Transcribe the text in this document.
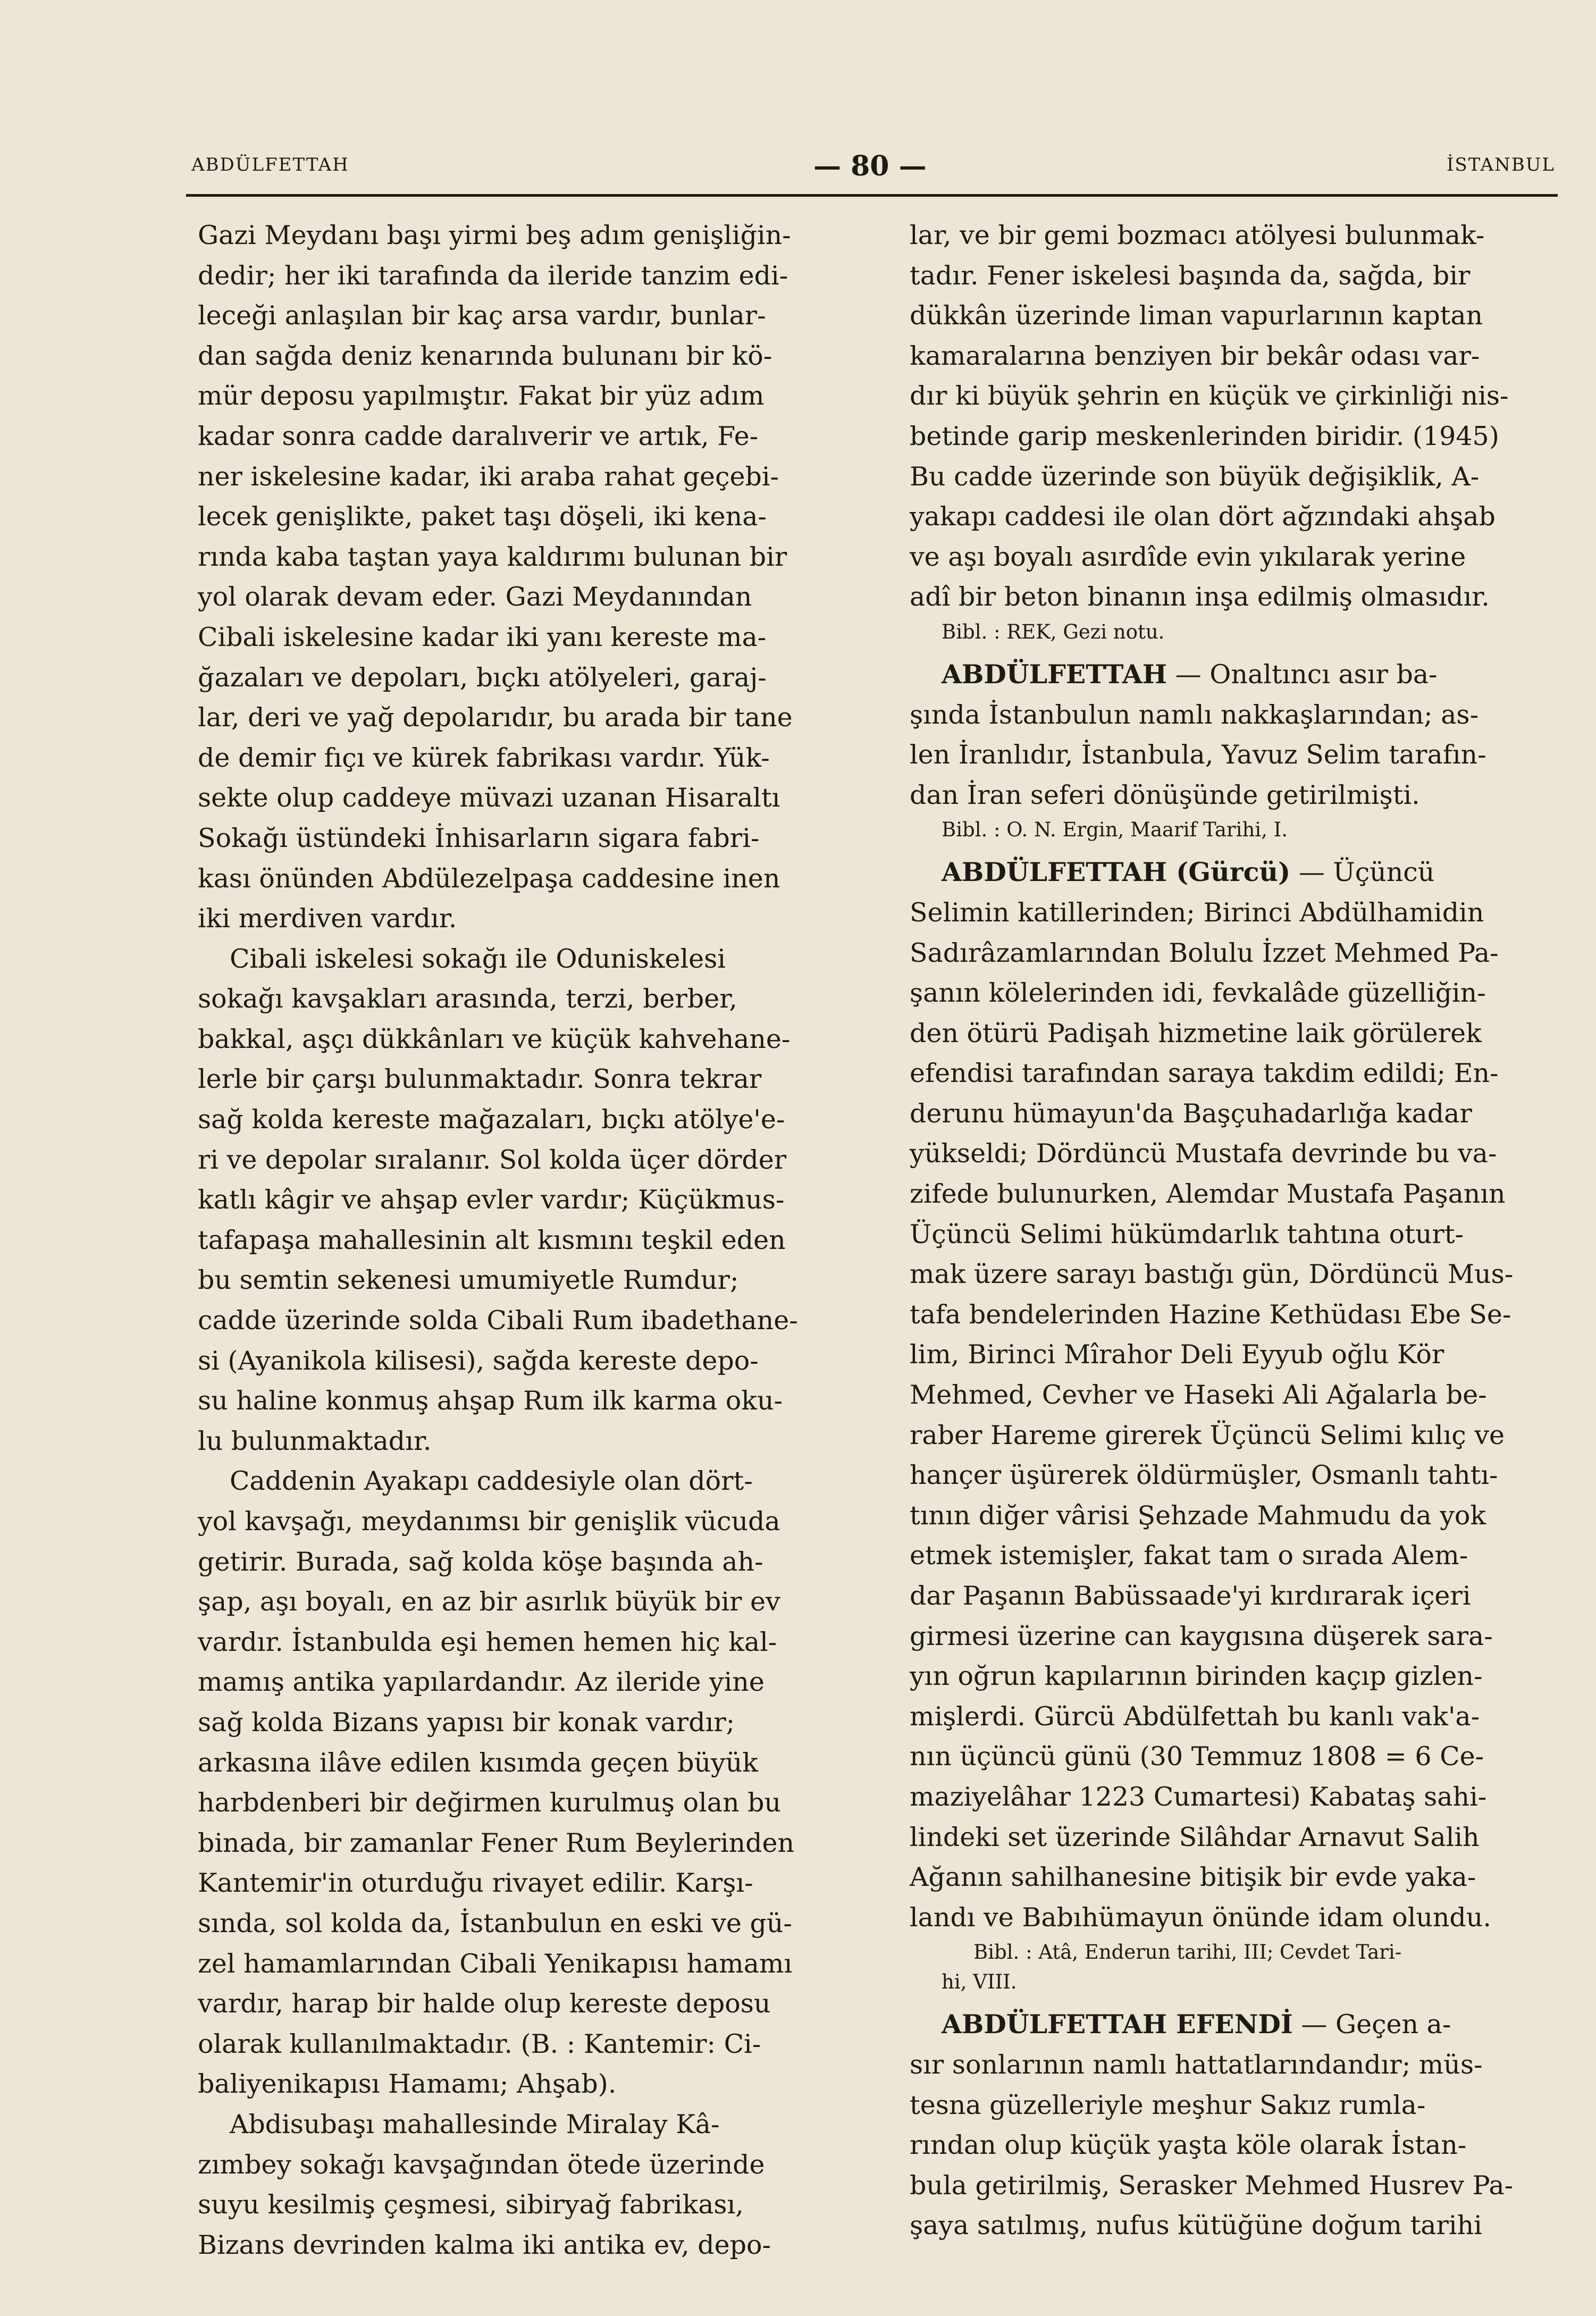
ABDÜLFETTAH	— 80 —	İSTANBUL
Gazi Meydanı başı yirmi beş adım genişliğin-
dedir; her iki tarafında da ileride tanzim edi-
leceği anlaşılan bir kaç arsa vardır, bunlar-
dan sağda deniz kenarında bulunanı bir kö-
mür deposu yapılmıştır. Fakat bir yüz adım
kadar sonra cadde daralıverir ve artık, Fe-
ner iskelesine kadar, iki araba rahat geçebi-
lecek genişlikte, paket taşı döşeli, iki kena-
rında kaba taştan yaya kaldırımı bulunan bir
yol olarak devam eder. Gazi Meydanından
Cibali iskelesine kadar iki yanı kereste ma-
ğazaları ve depoları, bıçkı atölyeleri, garaj-
lar, deri ve yağ depolarıdır, bu arada bir tane
de demir fıçı ve kürek fabrikası vardır. Yük-
sekte olup caddeye müvazi uzanan Hisaraltı
Sokağı üstündeki İnhisarların sigara fabri-
kası önünden Abdülezelpaşa caddesine inen
iki merdiven vardır.
Cibali iskelesi sokağı ile Oduniskelesi
sokağı kavşakları arasında, terzi, berber,
bakkal, aşçı dükkânları ve küçük kahvehane-
lerle bir çarşı bulunmaktadır. Sonra tekrar
sağ kolda kereste mağazaları, bıçkı atölye'e-
ri ve depolar sıralanır. Sol kolda üçer dörder
katlı kâgir ve ahşap evler vardır; Küçükmus-
tafapaşa mahallesinin alt kısmını teşkil eden
bu semtin sekenesi umumiyetle Rumdur;
cadde üzerinde solda Cibali Rum ibadethane-
si (Ayanikola kilisesi), sağda kereste depo-
su haline konmuş ahşap Rum ilk karma oku-
lu bulunmaktadır.
Caddenin Ayakapı caddesiyle olan dört-
yol kavşağı, meydanımsı bir genişlik vücuda
getirir. Burada, sağ kolda köşe başında ah-
şap, aşı boyalı, en az bir asırlık büyük bir ev
vardır. İstanbulda eşi hemen hemen hiç kal-
mamış antika yapılardandır. Az ileride yine
sağ kolda Bizans yapısı bir konak vardır;
arkasına ilâve edilen kısımda geçen büyük
harbdenberi bir değirmen kurulmuş olan bu
binada, bir zamanlar Fener Rum Beylerinden
Kantemir'in oturduğu rivayet edilir. Karşı-
sında, sol kolda da, İstanbulun en eski ve gü-
zel hamamlarından Cibali Yenikapısı hamamı
vardır, harap bir halde olup kereste deposu
olarak kullanılmaktadır. (B. : Kantemir: Ci-
baliyenikapısı Hamamı; Ahşab).
Abdisubaşı mahallesinde Miralay Kâ-
zımbey sokağı kavşağından ötede üzerinde
suyu kesilmiş çeşmesi, sibiryağ fabrikası,
Bizans devrinden kalma iki antika ev, depo-
lar, ve bir gemi bozmacı atölyesi bulunmak-
tadır. Fener iskelesi başında da, sağda, bir
dükkân üzerinde liman vapurlarının kaptan
kamaralarına benziyen bir bekâr odası var-
dır ki büyük şehrin en küçük ve çirkinliği nis-
betinde garip meskenlerinden biridir. (1945)
Bu cadde üzerinde son büyük değişiklik, A-
yakapı caddesi ile olan dört ağzındaki ahşab
ve aşı boyalı asırdîde evin yıkılarak yerine
adî bir beton binanın inşa edilmiş olmasıdır.
Bibl. : REK, Gezi notu.
ABDÜLFETTAH — Onaltıncı asır ba-
şında İstanbulun namlı nakkaşlarından; as-
len İranlıdır, İstanbula, Yavuz Selim tarafın-
dan İran seferi dönüşünde getirilmişti.
Bibl. : O. N. Ergin, Maarif Tarihi, I.
ABDÜLFETTAH (Gürcü) — Üçüncü
Selimin katillerinden; Birinci Abdülhamidin
Sadırâzamlarından Bolulu İzzet Mehmed Pa-
şanın kölelerinden idi, fevkalâde güzelliğin-
den ötürü Padişah hizmetine laik görülerek
efendisi tarafından saraya takdim edildi; En-
derunu hümayun'da Başçuhadarlığa kadar
yükseldi; Dördüncü Mustafa devrinde bu va-
zifede bulunurken, Alemdar Mustafa Paşanın
Üçüncü Selimi hükümdarlık tahtına oturt-
mak üzere sarayı bastığı gün, Dördüncü Mus-
tafa bendelerinden Hazine Kethüdası Ebe Se-
lim, Birinci Mîrahor Deli Eyyub oğlu Kör
Mehmed, Cevher ve Haseki Ali Ağalarla be-
raber Hareme girerek Üçüncü Selimi kılıç ve
hançer üşürerek öldürmüşler, Osmanlı tahtı-
tının diğer vârisi Şehzade Mahmudu da yok
etmek istemişler, fakat tam o sırada Alem-
dar Paşanın Babüssaade'yi kırdırarak içeri
girmesi üzerine can kaygısına düşerek sara-
yın oğrun kapılarının birinden kaçıp gizlen-
mişlerdi. Gürcü Abdülfettah bu kanlı vak'a-
nın üçüncü günü (30 Temmuz 1808 = 6 Ce-
maziyelâhar 1223 Cumartesi) Kabataş sahi-
lindeki set üzerinde Silâhdar Arnavut Salih
Ağanın sahilhanesine bitişik bir evde yaka-
landı ve Babıhümayun önünde idam olundu.
Bibl. : Atâ, Enderun tarihi, III; Cevdet Tari-
hi, VIII.
ABDÜLFETTAH EFENDİ — Geçen a-
sır sonlarının namlı hattatlarındandır; müs-
tesna güzelleriyle meşhur Sakız rumla-
rından olup küçük yaşta köle olarak İstan-
bula getirilmiş, Serasker Mehmed Husrev Pa-
şaya satılmış, nufus kütüğüne doğum tarihi
